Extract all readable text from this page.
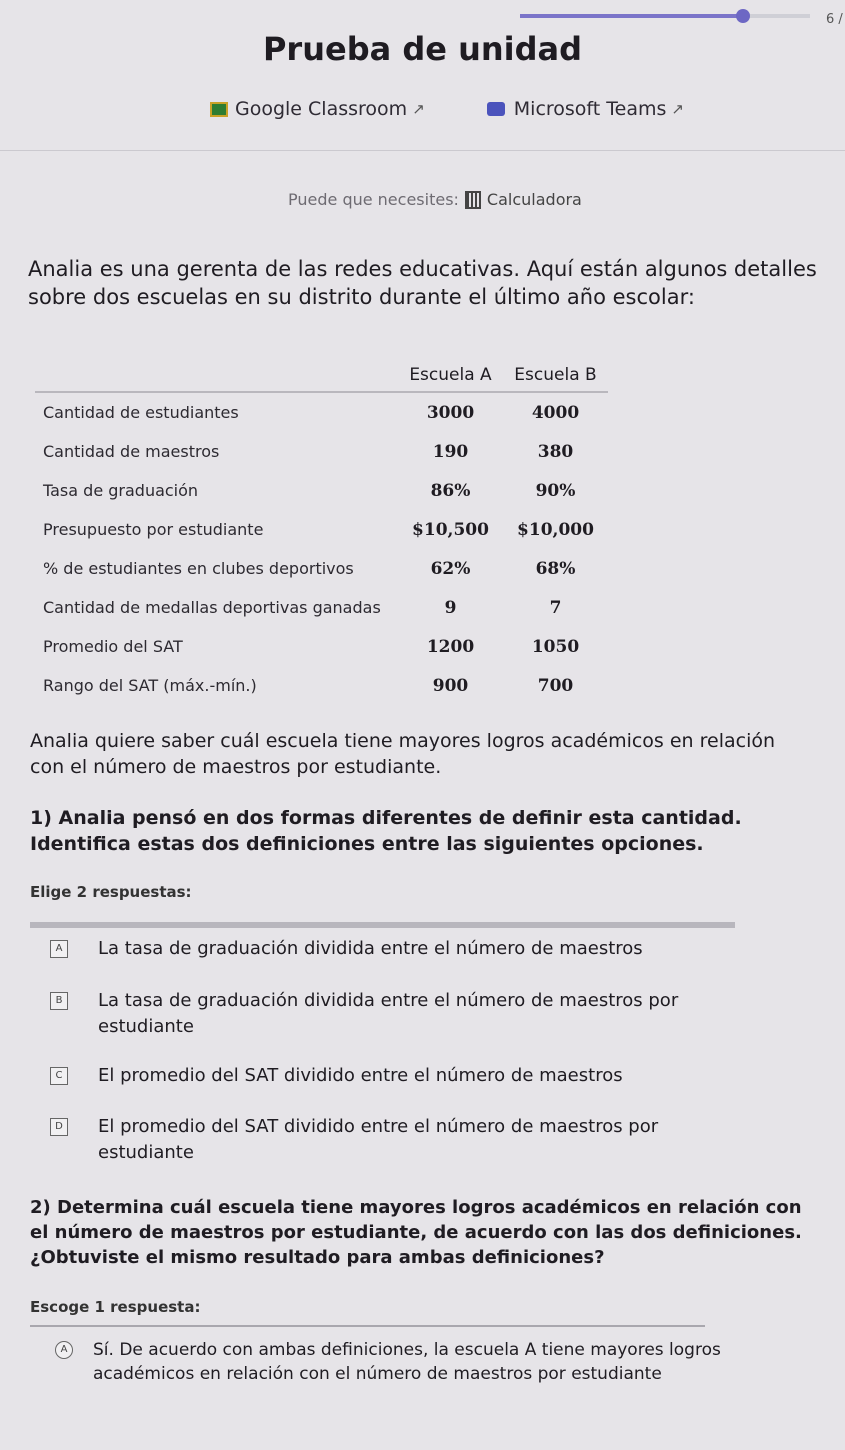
6 /
Prueba de unidad
Google Classroom ↗	Microsoft Teams ↗
Puede que necesites: Calculadora
Analia es una gerenta de las redes educativas. Aquí están algunos detalles sobre dos escuelas en su distrito durante el último año escolar:
	Escuela A	Escuela B
Cantidad de estudiantes	3000	4000
Cantidad de maestros	190	380
Tasa de graduación	86%	90%
Presupuesto por estudiante	$10,500	$10,000
% de estudiantes en clubes deportivos	62%	68%
Cantidad de medallas deportivas ganadas	9	7
Promedio del SAT	1200	1050
Rango del SAT (máx.-mín.)	900	700
Analia quiere saber cuál escuela tiene mayores logros académicos en relación con el número de maestros por estudiante.
1) Analia pensó en dos formas diferentes de definir esta cantidad. Identifica estas dos definiciones entre las siguientes opciones.
Elige 2 respuestas:
A	La tasa de graduación dividida entre el número de maestros
B	La tasa de graduación dividida entre el número de maestros por estudiante
C	El promedio del SAT dividido entre el número de maestros
D El promedio del SAT dividido entre el número de maestros por estudiante
2) Determina cuál escuela tiene mayores logros académicos en relación con el número de maestros por estudiante, de acuerdo con las dos definiciones. ¿Obtuviste el mismo resultado para ambas definiciones?
Escoge 1 respuesta:
A	Sí. De acuerdo con ambas definiciones, la escuela A tiene mayores logros académicos en relación con el número de maestros por estudiante
